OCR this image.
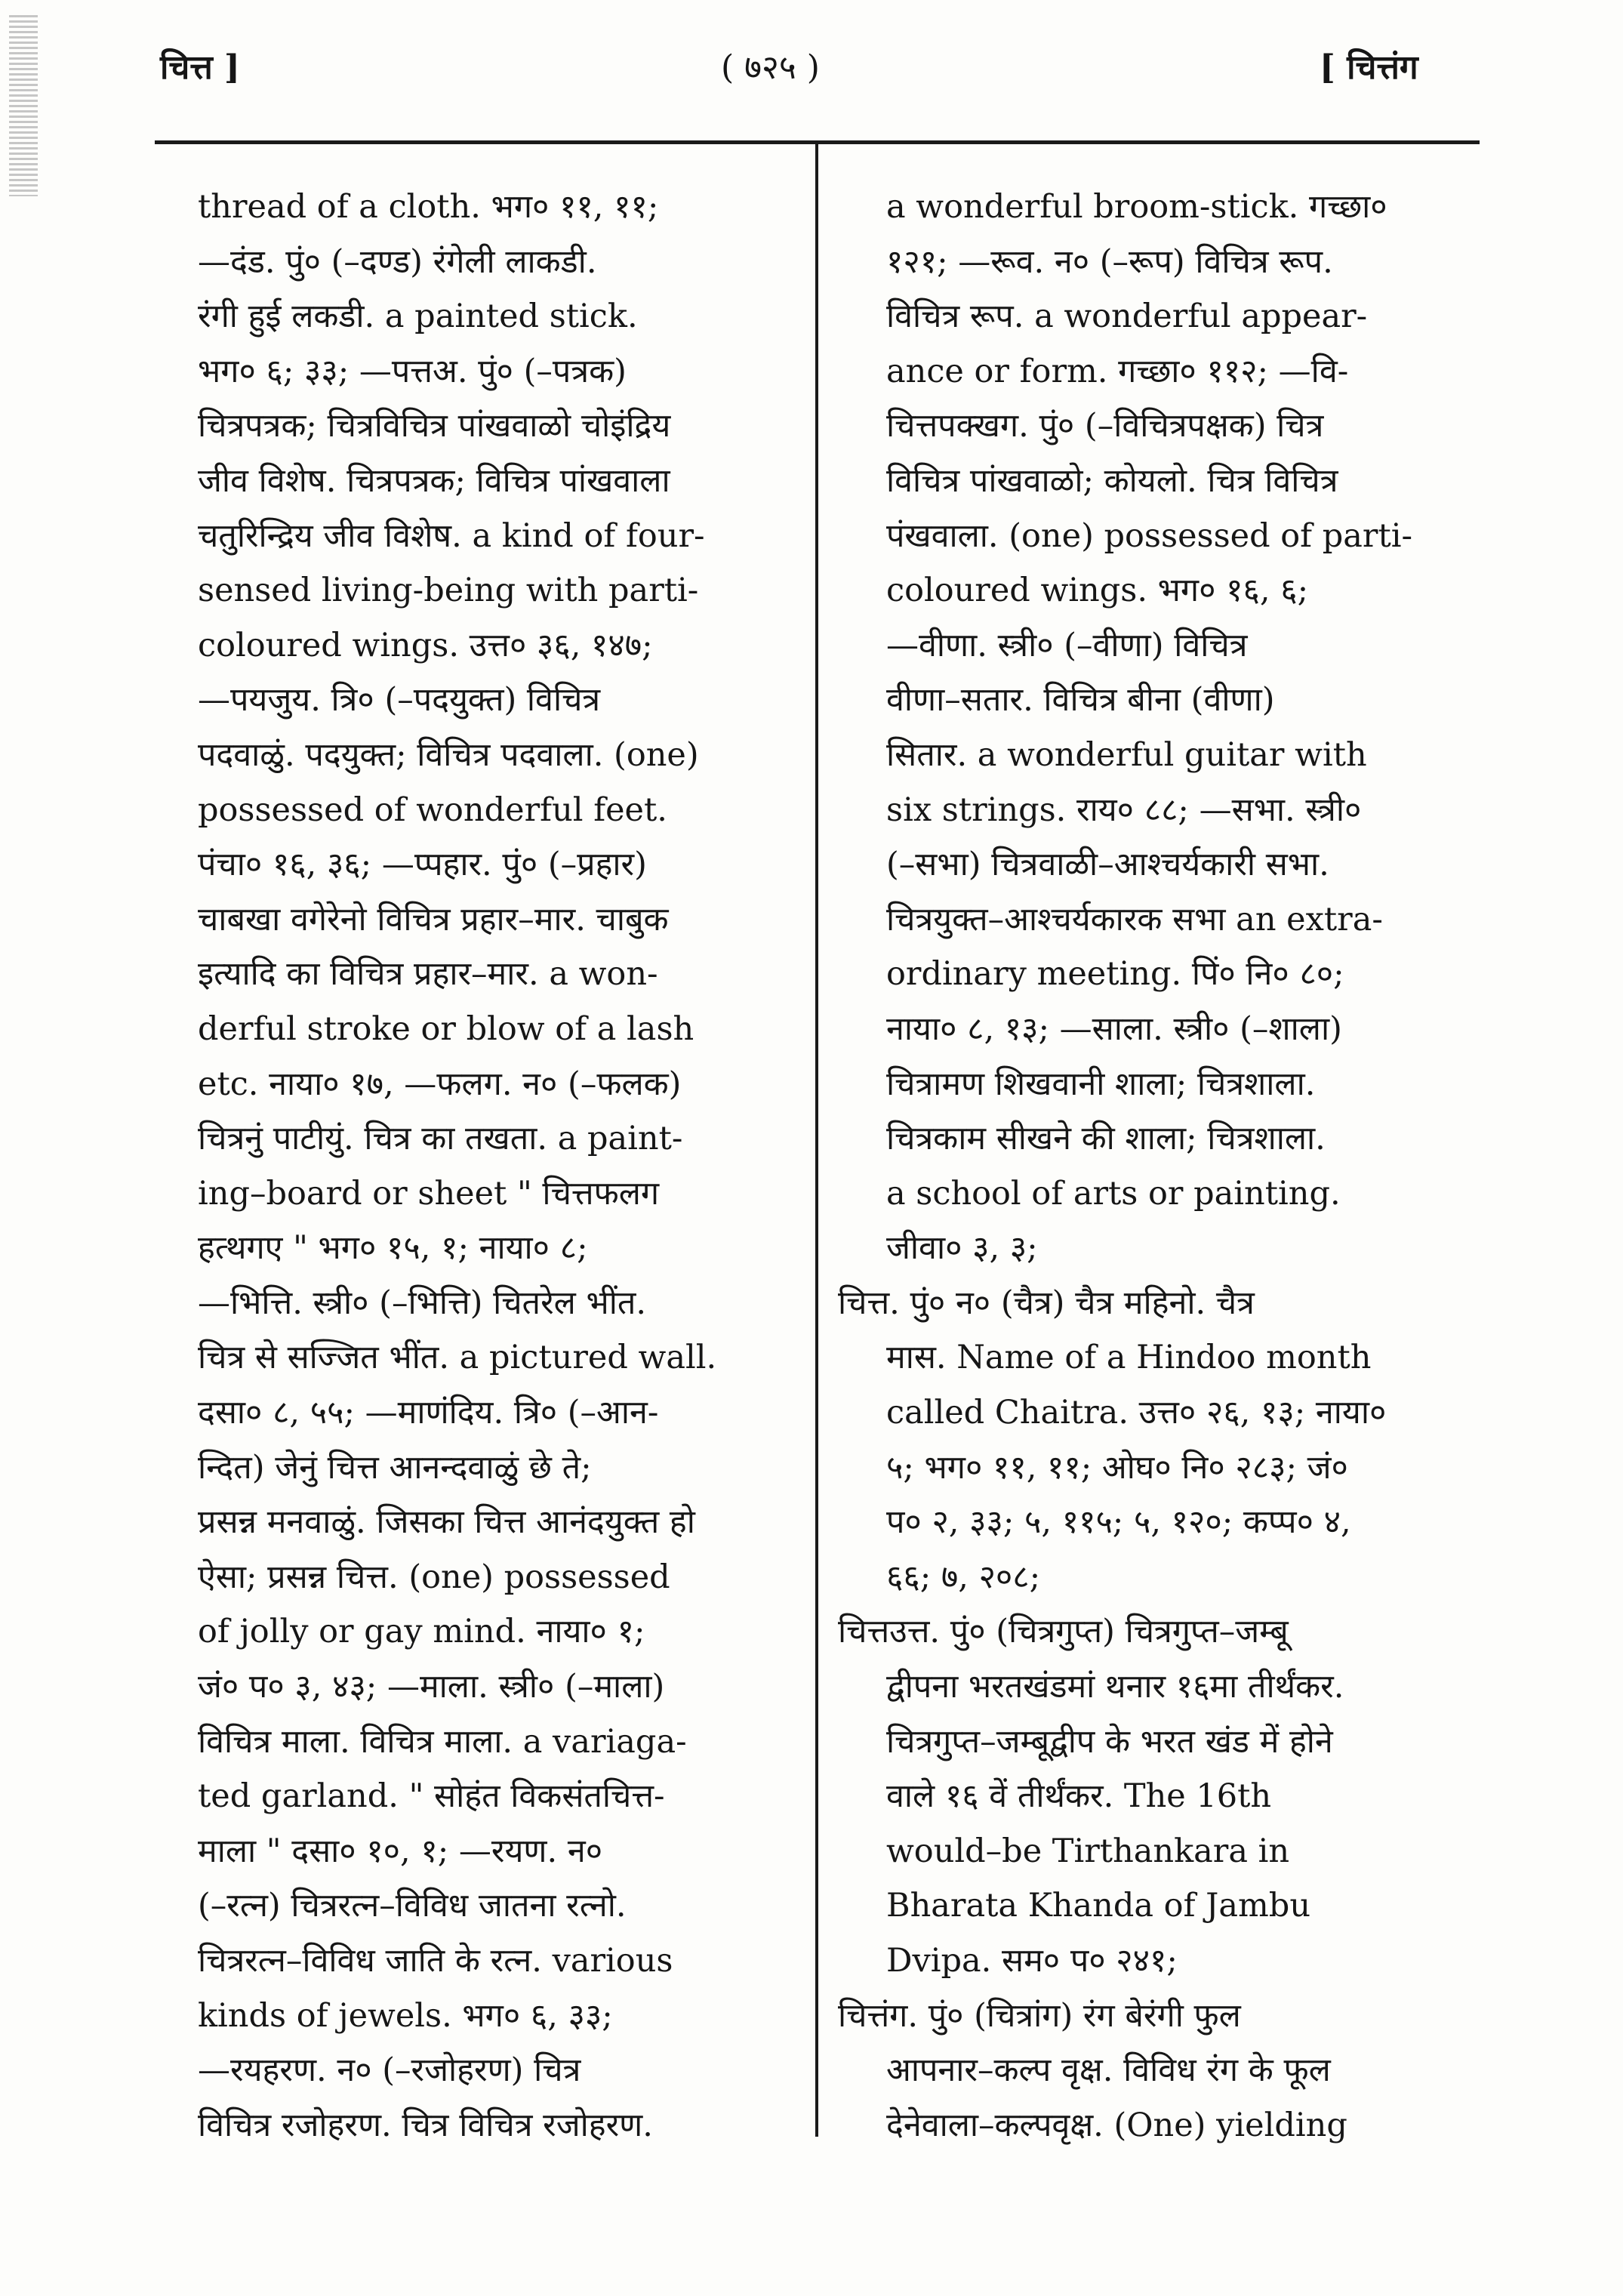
चित्त ]	( ७२५ )	[ चित्तंग
thread of a cloth. भग० ११, ११;
—दंड. पुं० (–दण्ड) रंगेली लाकडी.
रंगी हुई लकडी. a painted stick.
भग० ६; ३३; —पत्तअ. पुं० (–पत्रक)
चित्रपत्रक; चित्रविचित्र पांखवाळो चोइंद्रिय
जीव विशेष. चित्रपत्रक; विचित्र पांखवाला
चतुरिन्द्रिय जीव विशेष. a kind of four-
sensed living-being with parti-
coloured wings. उत्त० ३६, १४७;
—पयजुय. त्रि० (–पदयुक्त) विचित्र
पदवाळुं. पदयुक्त; विचित्र पदवाला. (one)
possessed of wonderful feet.
पंचा० १६, ३६; —प्पहार. पुं० (–प्रहार)
चाबखा वगेरेनो विचित्र प्रहार–मार. चाबुक
इत्यादि का विचित्र प्रहार–मार. a won-
derful stroke or blow of a lash
etc. नाया० १७, —फलग. न० (–फलक)
चित्रनुं पाटीयुं. चित्र का तखता. a paint-
ing–board or sheet " चित्तफलग
हत्थगए " भग० १५, १; नाया० ८;
—भित्ति. स्त्री० (–भित्ति) चितरेल भींत.
चित्र से सज्जित भींत. a pictured wall.
दसा० ८, ५५; —माणंदिय. त्रि० (–आन-
न्दित) जेनुं चित्त आनन्दवाळुं छे ते;
प्रसन्न मनवाळुं. जिसका चित्त आनंदयुक्त हो
ऐसा; प्रसन्न चित्त. (one) possessed
of jolly or gay mind. नाया० १;
जं० प० ३, ४३; —माला. स्त्री० (–माला)
विचित्र माला. विचित्र माला. a variaga-
ted garland. " सोहंत विकसंतचित्त-
माला " दसा० १०, १; —रयण. न०
(–रत्न) चित्ररत्न–विविध जातना रत्नो.
चित्ररत्न–विविध जाति के रत्न. various
kinds of jewels. भग० ६, ३३;
—रयहरण. न० (–रजोहरण) चित्र
विचित्र रजोहरण. चित्र विचित्र रजोहरण.
a wonderful broom-stick. गच्छा०
१२१; —रूव. न० (–रूप) विचित्र रूप.
विचित्र रूप. a wonderful appear-
ance or form. गच्छा० ११२; —वि-
चित्तपक्खग. पुं० (–विचित्रपक्षक) चित्र
विचित्र पांखवाळो; कोयलो. चित्र विचित्र
पंखवाला. (one) possessed of parti-
coloured wings. भग० १६, ६;
—वीणा. स्त्री० (–वीणा) विचित्र
वीणा–सतार. विचित्र बीना (वीणा)
सितार. a wonderful guitar with
six strings. राय० ८८; —सभा. स्त्री०
(–सभा) चित्रवाळी–आश्चर्यकारी सभा.
चित्रयुक्त–आश्चर्यकारक सभा an extra-
ordinary meeting. पिं० नि० ८०;
नाया० ८, १३; —साला. स्त्री० (–शाला)
चित्रामण शिखवानी शाला; चित्रशाला.
चित्रकाम सीखने की शाला; चित्रशाला.
a school of arts or painting.
जीवा० ३, ३;
चित्त. पुं० न० (चैत्र) चैत्र महिनो. चैत्र
मास. Name of a Hindoo month
called Chaitra. उत्त० २६, १३; नाया०
५; भग० ११, ११; ओघ० नि० २८३; जं०
प० २, ३३; ५, ११५; ५, १२०; कप्प० ४,
६६; ७, २०८;
चित्तउत्त. पुं० (चित्रगुप्त) चित्रगुप्त–जम्बू
द्वीपना भरतखंडमां थनार १६मा तीर्थंकर.
चित्रगुप्त–जम्बूद्वीप के भरत खंड में होने
वाले १६ वें तीर्थंकर. The 16th
would–be Tirthankara in
Bharata Khanda of Jambu
Dvipa. सम० प० २४१;
चित्तंग. पुं० (चित्रांग) रंग बेरंगी फुल
आपनार–कल्प वृक्ष. विविध रंग के फूल
देनेवाला–कल्पवृक्ष. (One) yielding
